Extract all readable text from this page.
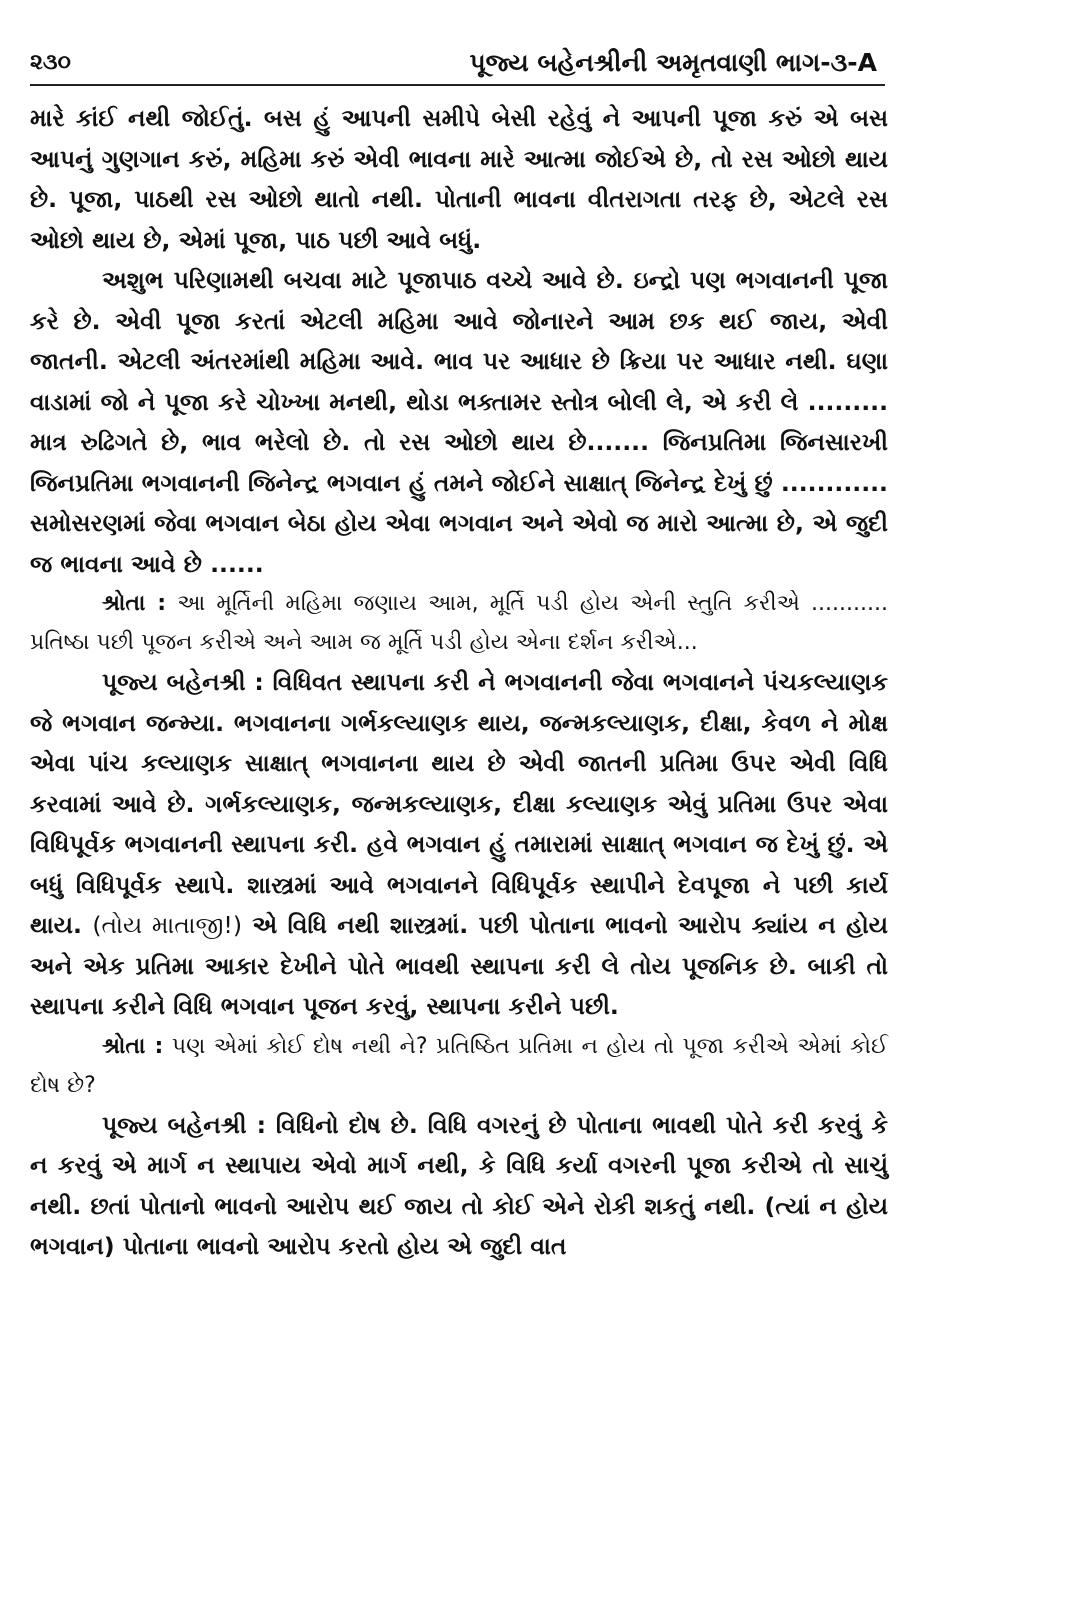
૨૩૦	પૂજ્ય બહેનશ્રીની અમૃતવાણી ભાગ-૩-A

મારે કાંઈ નથી જોઈતું. બસ હું આપની સમીપે બેસી રહેવું ને આપની પૂજા કરું એ બસ આપનું ગુણગાન કરું, મહિમા કરું એવી ભાવના મારે આત્મા જોઈએ છે, તો રસ ઓછો થાય છે. પૂજા, પાઠથી રસ ઓછો થાતો નથી. પોતાની ભાવના વીતરાગતા તરફ છે, એટલે રસ ઓછો થાય છે, એમાં પૂજા, પાઠ પછી આવે બધું.

અશુભ પરિણામથી બચવા માટે પૂજાપાઠ વચ્ચે આવે છે. ઇન્દ્રો પણ ભગવાનની પૂજા કરે છે. એવી પૂજા કરતાં એટલી મહિમા આવે જોનારને આમ છક થઈ જાય, એવી જાતની. એટલી અંતરમાંથી મહિમા આવે. ભાવ પર આધાર છે ક્રિયા પર આધાર નથી. ઘણા વાડામાં જો ને પૂજા કરે ચોખ્ખા મનથી, થોડા ભક્તામર સ્તોત્ર બોલી લે, એ કરી લે ......... માત્ર રુઢિગતે છે, ભાવ ભરેલો છે. તો રસ ઓછો થાય છે....... જિનપ્રતિમા જિનસારખી જિનપ્રતિમા ભગવાનની જિનેન્દ્ર ભગવાન હું તમને જોઈને સાક્ષાત્ જિનેન્દ્ર દેખું છું ............ સમોસરણમાં જેવા ભગવાન બેઠા હોય એવા ભગવાન અને એવો જ મારો આત્મા છે, એ જુદી જ ભાવના આવે છે ......

શ્રોતા : આ મૂર્તિની મહિમા જણાય આમ, મૂર્તિ પડી હોય એની સ્તુતિ કરીએ ........... પ્રતિષ્ઠા પછી પૂજન કરીએ અને આમ જ મૂર્તિ પડી હોય એના દર્શન કરીએ...

પૂજ્ય બહેનશ્રી : વિધિવત સ્થાપના કરી ને ભગવાનની જેવા ભગવાનને પંચકલ્યાણક જે ભગવાન જન્મ્યા. ભગવાનના ગર્ભકલ્યાણક થાય, જન્મકલ્યાણક, દીક્ષા, કેવળ ને મોક્ષ એવા પાંચ કલ્યાણક સાક્ષાત્ ભગવાનના થાય છે એવી જાતની પ્રતિમા ઉપર એવી વિધિ કરવામાં આવે છે. ગર્ભકલ્યાણક, જન્મકલ્યાણક, દીક્ષા કલ્યાણક એવું પ્રતિમા ઉપર એવા વિધિપૂર્વક ભગવાનની સ્થાપના કરી. હવે ભગવાન હું તમારામાં સાક્ષાત્ ભગવાન જ દેખું છું. એ બધું વિધિપૂર્વક સ્થાપે. શાસ્ત્રમાં આવે ભગવાનને વિધિપૂર્વક સ્થાપીને દેવપૂજા ને પછી કાર્ય થાય. (તોય માતાજી!) એ વિધિ નથી શાસ્ત્રમાં. પછી પોતાના ભાવનો આરોપ ક્યાંય ન હોય અને એક પ્રતિમા આકાર દેખીને પોતે ભાવથી સ્થાપના કરી લે તોય પૂજનિક છે. બાકી તો સ્થાપના કરીને વિધિ ભગવાન પૂજન કરવું, સ્થાપના કરીને પછી.

શ્રોતા : પણ એમાં કોઈ દોષ નથી ને? પ્રતિષ્ઠિત પ્રતિમા ન હોય તો પૂજા કરીએ એમાં કોઈ દોષ છે?

પૂજ્ય બહેનશ્રી : વિધિનો દોષ છે. વિધિ વગરનું છે પોતાના ભાવથી પોતે કરી કરવું કે ન કરવું એ માર્ગ ન સ્થાપાય એવો માર્ગ નથી, કે વિધિ કર્યા વગરની પૂજા કરીએ તો સાચું નથી. છતાં પોતાનો ભાવનો આરોપ થઈ જાય તો કોઈ એને રોકી શકતું નથી. (ત્યાં ન હોય ભગવાન) પોતાના ભાવનો આરોપ કરતો હોય એ જુદી વાત
